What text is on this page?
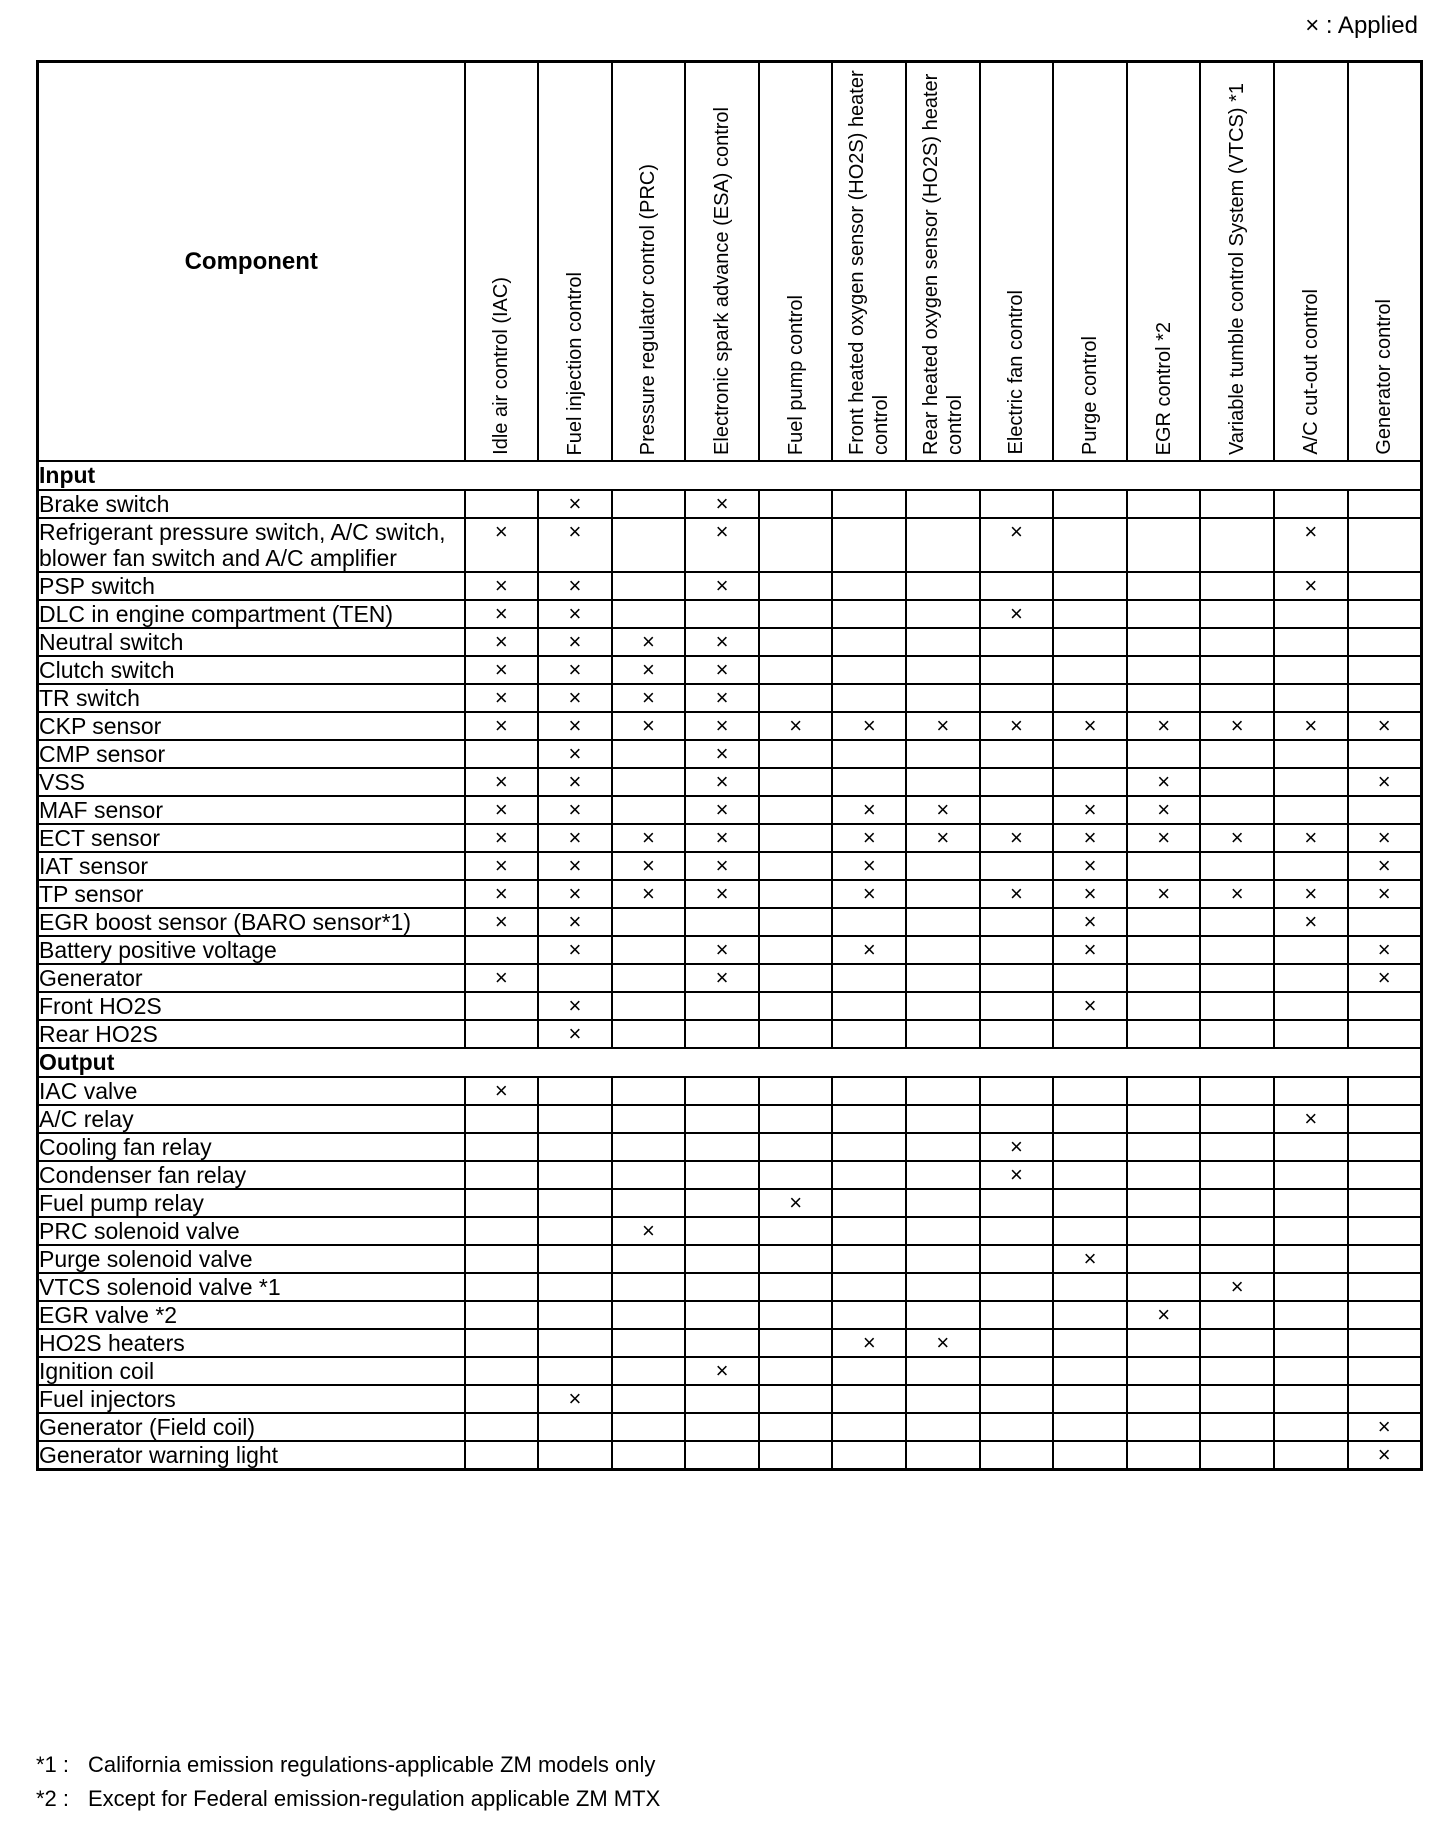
× : Applied
Component	Idle air control (IAC)	Fuel injection control	Pressure regulator control (PRC)	Electronic spark advance (ESA) control	Fuel pump control	Front heated oxygen sensor (HO2S) heater control	Rear heated oxygen sensor (HO2S) heater control	Electric fan control	Purge control	EGR control *2	Variable tumble control System (VTCS) *1	A/C cut-out control	Generator control
Input													
Brake switch		×		×									
Refrigerant pressure switch, A/C switch, blower fan switch and A/C amplifier	×	×		×				×				×	
PSP switch	×	×		×								×	
DLC in engine compartment (TEN)	×	×						×					
Neutral switch	×	×	×	×									
Clutch switch	×	×	×	×									
TR switch	×	×	×	×									
CKP sensor	×	×	×	×	×	×	×	×	×	×	×	×	×
CMP sensor		×		×									
VSS	×	×		×						×			×
MAF sensor	×	×		×		×	×		×	×			
ECT sensor	×	×	×	×		×	×	×	×	×	×	×	×
IAT sensor	×	×	×	×		×			×				×
TP sensor	×	×	×	×		×		×	×	×	×	×	×
EGR boost sensor (BARO sensor*1)	×	×							×			×	
Battery positive voltage		×		×		×			×				×
Generator	×			×									×
Front HO2S		×							×				
Rear HO2S		×											
Output													
IAC valve	×												
A/C relay												×	
Cooling fan relay								×					
Condenser fan relay								×					
Fuel pump relay					×								
PRC solenoid valve			×										
Purge solenoid valve									×				
VTCS solenoid valve *1											×		
EGR valve *2										×			
HO2S heaters						×	×						
Ignition coil				×									
Fuel injectors		×											
Generator (Field coil)													×
Generator warning light													×
*1 : California emission regulations-applicable ZM models only
*2 : Except for Federal emission-regulation applicable ZM MTX
